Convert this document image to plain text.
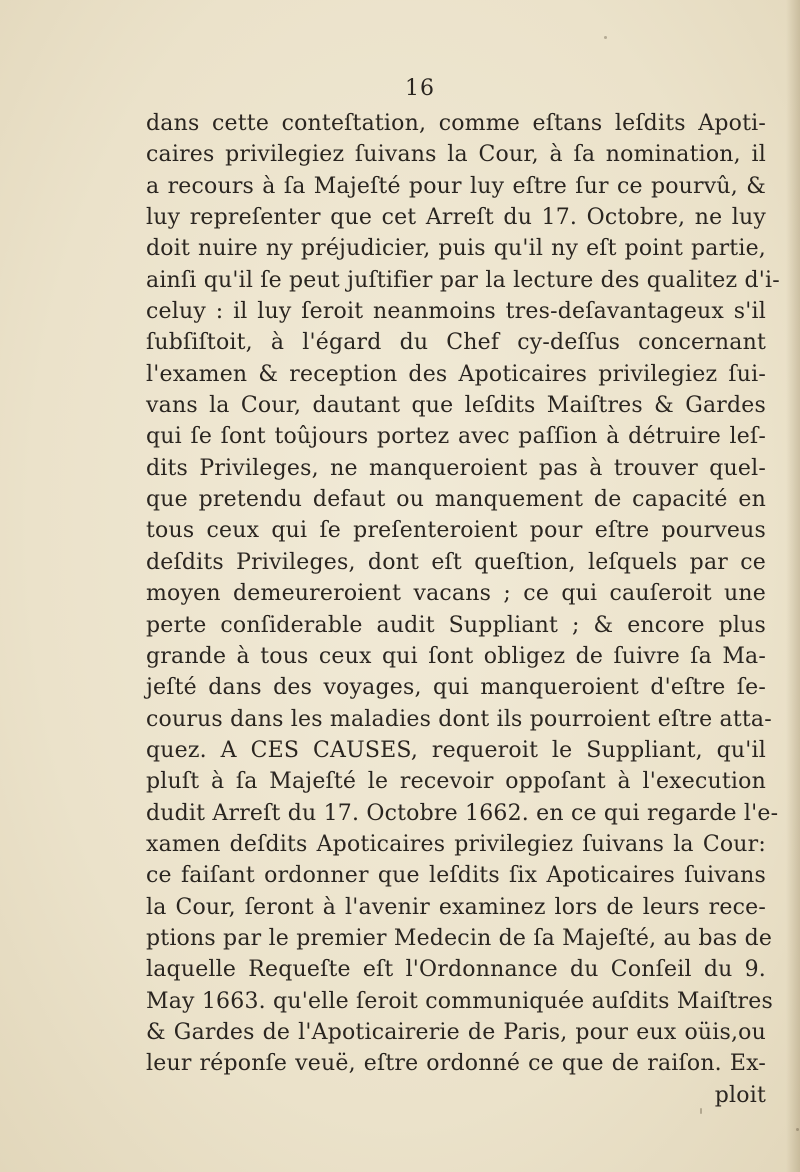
16
dans cette conteſtation, comme eſtans leſdits Apoti-
caires privilegiez ſuivans la Cour, à ſa nomination, il
a recours à ſa Majeſté pour luy eſtre ſur ce pourvû, &
luy repreſenter que cet Arreſt du 17. Octobre, ne luy
doit nuire ny préjudicier, puis qu'il ny eſt point partie,
ainſi qu'il ſe peut juſtifier par la lecture des qualitez d'i-
celuy : il luy ſeroit neanmoins tres-deſavantageux s'il
ſubſiſtoit, à l'égard du Chef cy-deſſus concernant
l'examen & reception des Apoticaires privilegiez ſui-
vans la Cour, dautant que leſdits Maiſtres & Gardes
qui ſe ſont toûjours portez avec paſſion à détruire leſ-
dits Privileges, ne manqueroient pas à trouver quel-
que pretendu defaut ou manquement de capacité en
tous ceux qui ſe preſenteroient pour eſtre pourveus
deſdits Privileges, dont eſt queſtion, leſquels par ce
moyen demeureroient vacans ; ce qui cauſeroit une
perte conſiderable audit Suppliant ; & encore plus
grande à tous ceux qui ſont obligez de ſuivre ſa Ma-
jeſté dans des voyages, qui manqueroient d'eſtre ſe-
courus dans les maladies dont ils pourroient eſtre atta-
quez. A CES CAUSES, requeroit le Suppliant, qu'il
pluſt à ſa Majeſté le recevoir oppoſant à l'execution
dudit Arreſt du 17. Octobre 1662. en ce qui regarde l'e-
xamen deſdits Apoticaires privilegiez ſuivans la Cour:
ce faiſant ordonner que leſdits ſix Apoticaires ſuivans
la Cour, ſeront à l'avenir examinez lors de leurs rece-
ptions par le premier Medecin de ſa Majeſté, au bas de
laquelle Requeſte eſt l'Ordonnance du Conſeil du 9.
May 1663. qu'elle ſeroit communiquée auſdits Maiſtres
& Gardes de l'Apoticairerie de Paris, pour eux oüis,ou
leur réponſe veuë, eſtre ordonné ce que de raiſon. Ex-
ploit
